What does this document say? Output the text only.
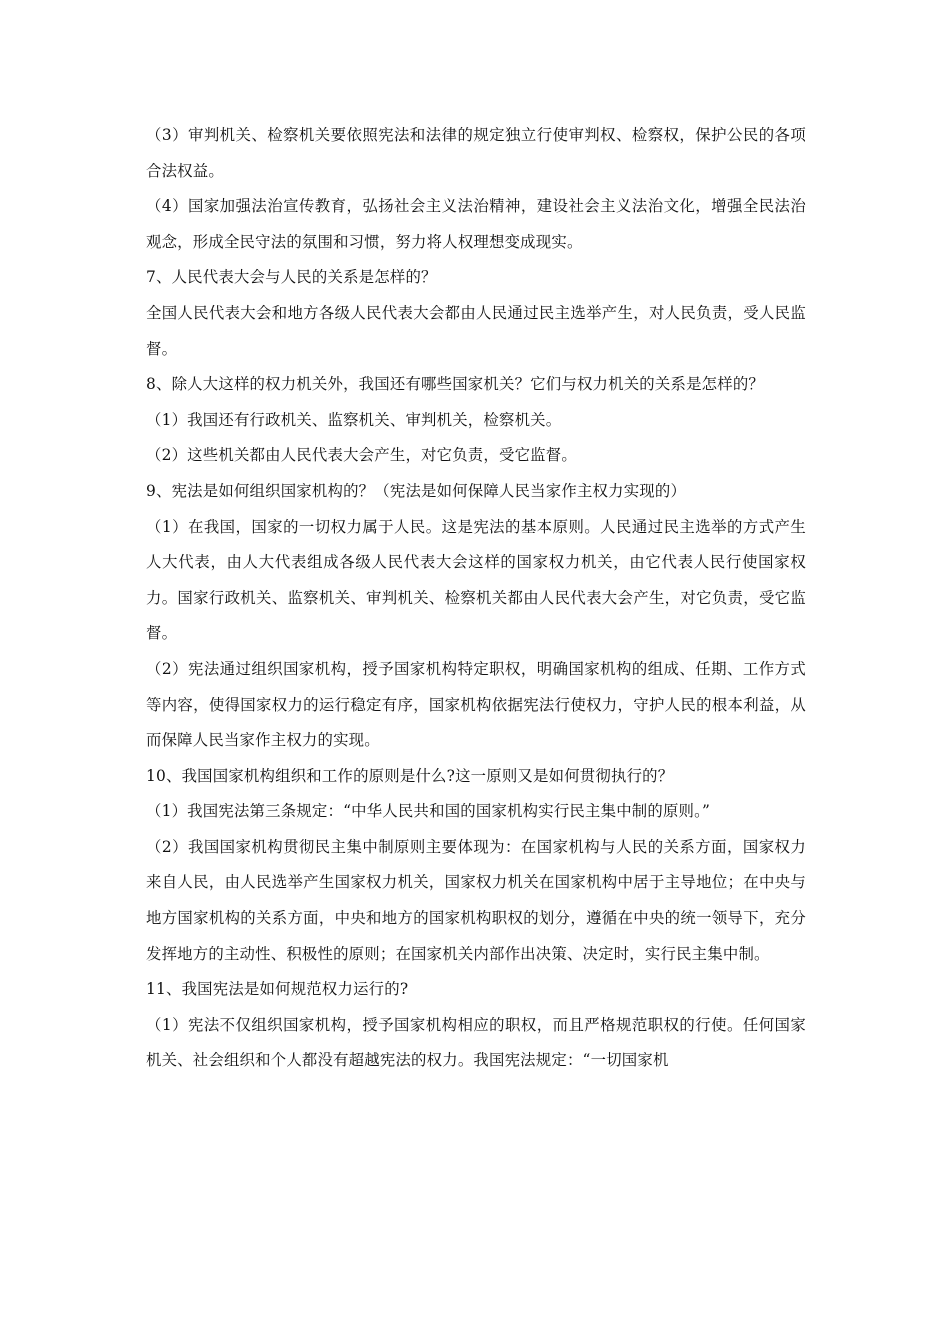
（3）审判机关、检察机关要依照宪法和法律的规定独立行使审判权、检察权，保护公民的各项合法权益。

（4）国家加强法治宣传教育，弘扬社会主义法治精神，建设社会主义法治文化，增强全民法治观念，形成全民守法的氛围和习惯，努力将人权理想变成现实。

7、人民代表大会与人民的关系是怎样的？

全国人民代表大会和地方各级人民代表大会都由人民通过民主选举产生，对人民负责，受人民监督。

8、除人大这样的权力机关外，我国还有哪些国家机关？它们与权力机关的关系是怎样的？

（1）我国还有行政机关、监察机关、审判机关，检察机关。

（2）这些机关都由人民代表大会产生，对它负责，受它监督。

9、宪法是如何组织国家机构的？（宪法是如何保障人民当家作主权力实现的）

（1）在我国，国家的一切权力属于人民。这是宪法的基本原则。人民通过民主选举的方式产生人大代表，由人大代表组成各级人民代表大会这样的国家权力机关，由它代表人民行使国家权力。国家行政机关、监察机关、审判机关、检察机关都由人民代表大会产生，对它负责，受它监督。

（2）宪法通过组织国家机构，授予国家机构特定职权，明确国家机构的组成、任期、工作方式等内容，使得国家权力的运行稳定有序，国家机构依据宪法行使权力，守护人民的根本利益，从而保障人民当家作主权力的实现。

10、我国国家机构组织和工作的原则是什么?这一原则又是如何贯彻执行的？

（1）我国宪法第三条规定：“中华人民共和国的国家机构实行民主集中制的原则。”

（2）我国国家机构贯彻民主集中制原则主要体现为：在国家机构与人民的关系方面，国家权力来自人民，由人民选举产生国家权力机关，国家权力机关在国家机构中居于主导地位；在中央与地方国家机构的关系方面，中央和地方的国家机构职权的划分，遵循在中央的统一领导下，充分发挥地方的主动性、积极性的原则；在国家机关内部作出决策、决定时，实行民主集中制。

11、我国宪法是如何规范权力运行的?

（1）宪法不仅组织国家机构，授予国家机构相应的职权，而且严格规范职权的行使。任何国家机关、社会组织和个人都没有超越宪法的权力。我国宪法规定：“一切国家机
